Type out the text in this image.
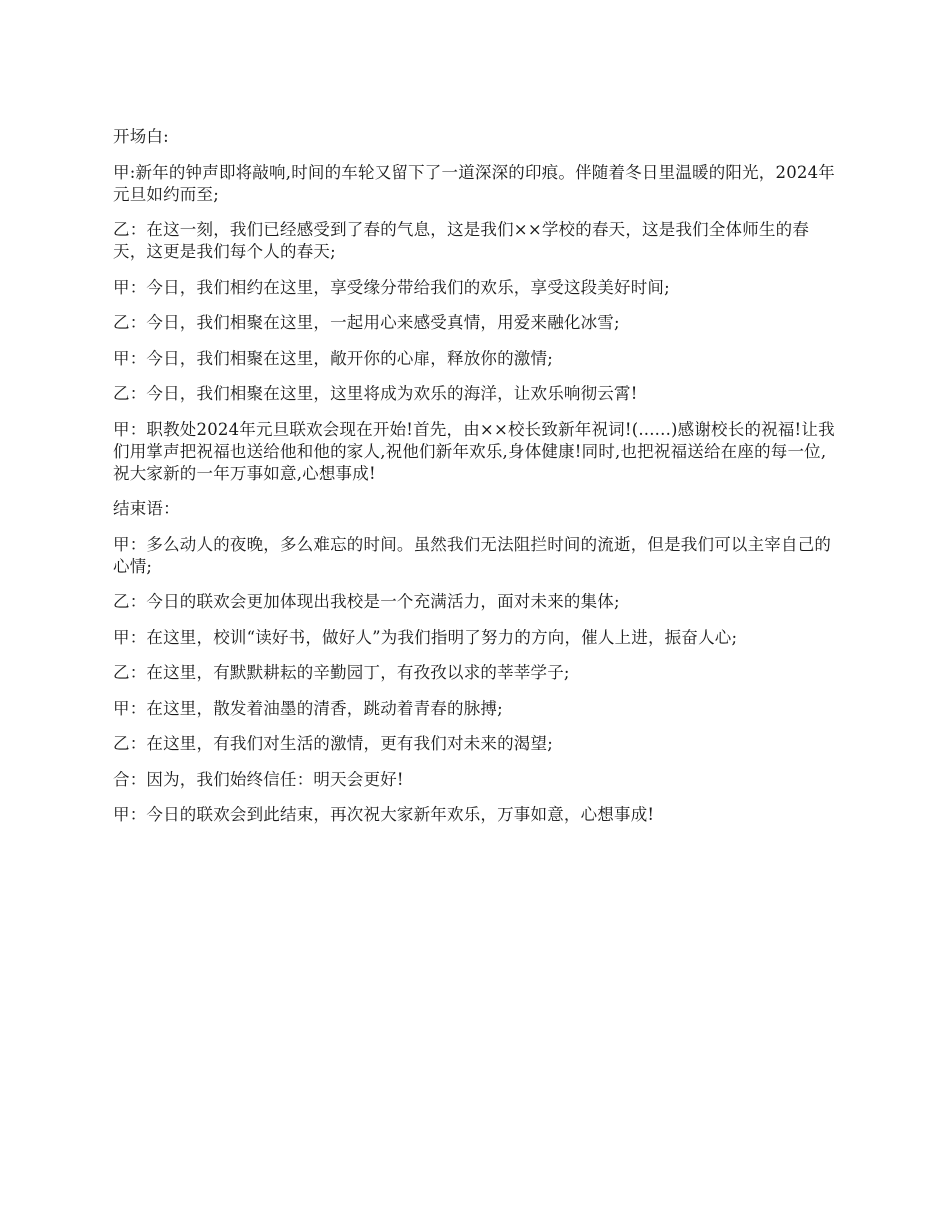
开场白:

甲:新年的钟声即将敲响,时间的车轮又留下了一道深深的印痕。伴随着冬日里温暖的阳光，2024年元旦如约而至;

乙：在这一刻，我们已经感受到了春的气息，这是我们××学校的春天，这是我们全体师生的春天，这更是我们每个人的春天;

甲：今日，我们相约在这里，享受缘分带给我们的欢乐，享受这段美好时间;

乙：今日，我们相聚在这里，一起用心来感受真情，用爱来融化冰雪;

甲：今日，我们相聚在这里，敞开你的心扉，释放你的激情;

乙：今日，我们相聚在这里，这里将成为欢乐的海洋，让欢乐响彻云霄!

甲：职教处2024年元旦联欢会现在开始!首先，由××校长致新年祝词!(......)感谢校长的祝福!让我们用掌声把祝福也送给他和他的家人,祝他们新年欢乐,身体健康!同时,也把祝福送给在座的每一位,祝大家新的一年万事如意,心想事成!

结束语：

甲：多么动人的夜晚，多么难忘的时间。虽然我们无法阻拦时间的流逝，但是我们可以主宰自己的心情;

乙：今日的联欢会更加体现出我校是一个充满活力，面对未来的集体;

甲：在这里，校训“读好书，做好人”为我们指明了努力的方向，催人上进，振奋人心;

乙：在这里，有默默耕耘的辛勤园丁，有孜孜以求的莘莘学子;

甲：在这里，散发着油墨的清香，跳动着青春的脉搏;

乙：在这里，有我们对生活的激情，更有我们对未来的渴望;

合：因为，我们始终信任：明天会更好!

甲：今日的联欢会到此结束，再次祝大家新年欢乐，万事如意，心想事成!
